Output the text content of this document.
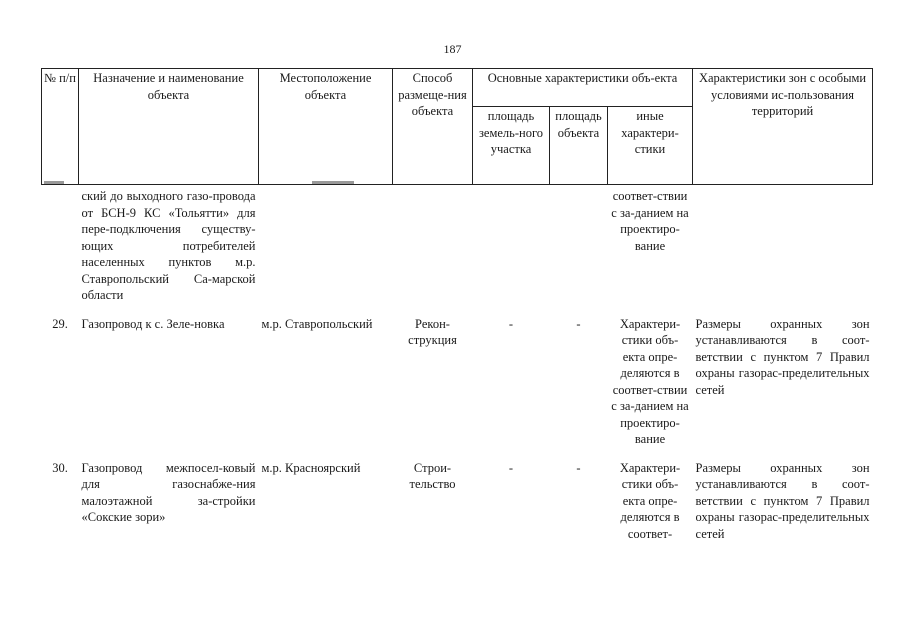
187
№ п/п	Назначение и наименование объекта	Местоположение объекта	Способ размеще-ния объекта	Основные характеристики объ-екта			Характеристики зон с особыми условиями ис-пользования территорий
				площадь земель-ного участка	площадь объекта	иные характери-стики	
	ский до выходного газо-провода от БСН-9 КС «Тольятти» для пере-подключения существу-ющих потребителей населенных пунктов м.р. Ставропольский Са-марской области					соответ-ствии с за-данием на проектиро-вание	
29.	Газопровод к с. Зеле-новка	м.р. Ставропольский	Рекон-струкция	-	-	Характери-стики объ-екта опре-деляются в соответ-ствии с за-данием на проектиро-вание	Размеры охранных зон устанавливаются в соот-ветствии с пунктом 7 Правил охраны газорас-пределительных сетей
30.	Газопровод межпосел-ковый для газоснабже-ния малоэтажной за-стройки «Сокские зори»	м.р. Красноярский	Строи-тельство	-	-	Характери-стики объ-екта опре-деляются в соответ-	Размеры охранных зон устанавливаются в соот-ветствии с пунктом 7 Правил охраны газорас-пределительных сетей
